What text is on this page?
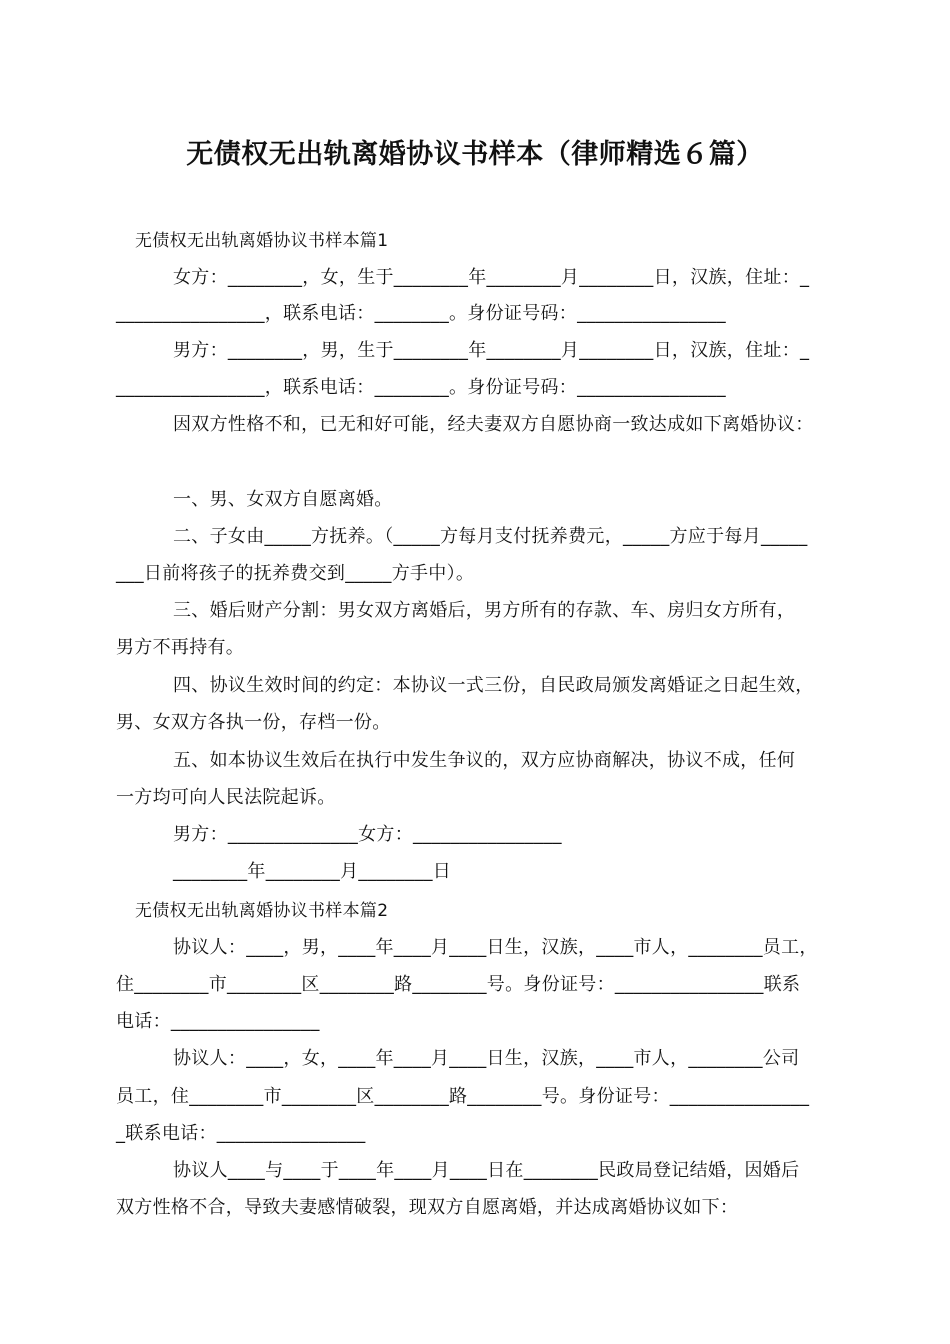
无债权无出轨离婚协议书样本（律师精选６篇）
无债权无出轨离婚协议书样本篇1
女方：________，女，生于________年________月________日，汉族，住址：_
________________，联系电话：________。身份证号码：________________
男方：________，男，生于________年________月________日，汉族，住址：_
________________，联系电话：________。身份证号码：________________
因双方性格不和，已无和好可能，经夫妻双方自愿协商一致达成如下离婚协议：
一、男、女双方自愿离婚。
二、子女由_____方抚养。（_____方每月支付抚养费元，_____方应于每月_____
___日前将孩子的抚养费交到_____方手中）。
三、婚后财产分割：男女双方离婚后，男方所有的存款、车、房归女方所有，
男方不再持有。
四、协议生效时间的约定：本协议一式三份，自民政局颁发离婚证之日起生效，
男、女双方各执一份，存档一份。
五、如本协议生效后在执行中发生争议的，双方应协商解决，协议不成，任何
一方均可向人民法院起诉。
男方：______________女方：________________
________年________月________日
无债权无出轨离婚协议书样本篇2
协议人：____，男，____年____月____日生，汉族，____市人，________员工，
住________市________区________路________号。身份证号：________________联系
电话：________________
协议人：____，女，____年____月____日生，汉族，____市人，________公司
员工，住________市________区________路________号。身份证号：_______________
_联系电话：________________
协议人____与____于____年____月____日在________民政局登记结婚，因婚后
双方性格不合，导致夫妻感情破裂，现双方自愿离婚，并达成离婚协议如下：
